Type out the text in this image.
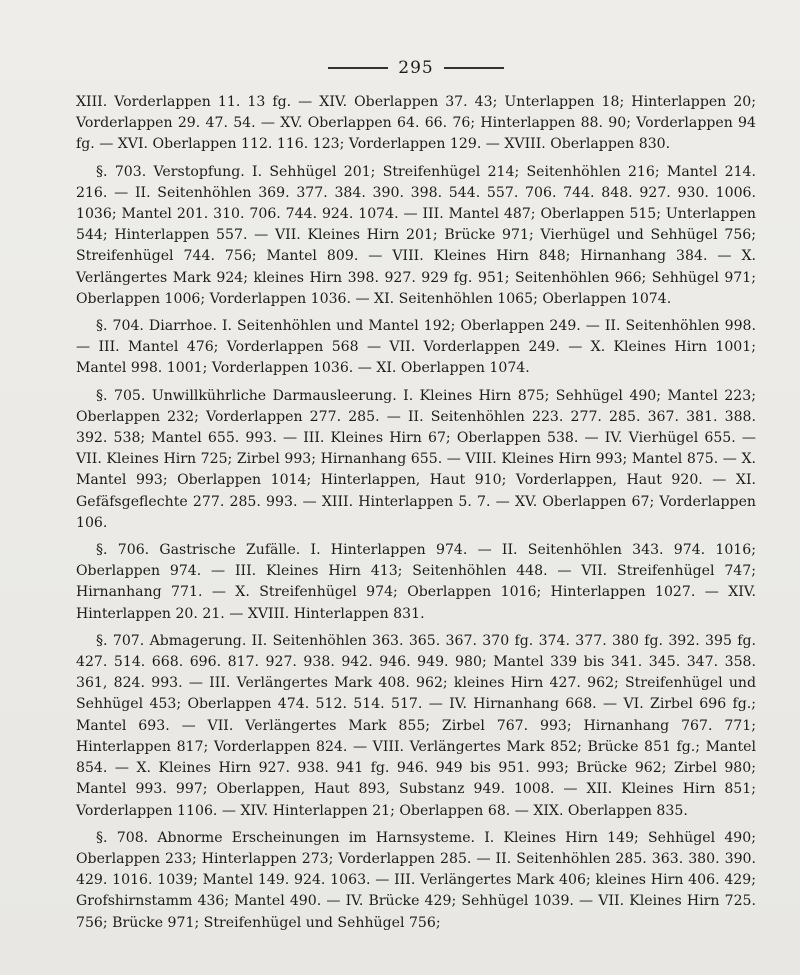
295

XIII. Vorderlappen 11. 13 fg. — XIV. Oberlappen 37. 43; Unterlappen 18; Hinterlappen 20; Vorderlappen 29. 47. 54. — XV. Oberlappen 64. 66. 76; Hinterlappen 88. 90; Vorderlappen 94 fg. — XVI. Oberlappen 112. 116. 123; Vorderlappen 129. — XVIII. Oberlappen 830.

§. 703. Verstopfung. I. Sehhügel 201; Streifenhügel 214; Seitenhöhlen 216; Mantel 214. 216. — II. Seitenhöhlen 369. 377. 384. 390. 398. 544. 557. 706. 744. 848. 927. 930. 1006. 1036; Mantel 201. 310. 706. 744. 924. 1074. — III. Mantel 487; Oberlappen 515; Unterlappen 544; Hinterlappen 557. — VII. Kleines Hirn 201; Brücke 971; Vierhügel und Sehhügel 756; Streifenhügel 744. 756; Mantel 809. — VIII. Kleines Hirn 848; Hirnanhang 384. — X. Verlängertes Mark 924; kleines Hirn 398. 927. 929 fg. 951; Seitenhöhlen 966; Sehhügel 971; Oberlappen 1006; Vorderlappen 1036. — XI. Seitenhöhlen 1065; Oberlappen 1074.

§. 704. Diarrhoe. I. Seitenhöhlen und Mantel 192; Oberlappen 249. — II. Seitenhöhlen 998. — III. Mantel 476; Vorderlappen 568 — VII. Vorderlappen 249. — X. Kleines Hirn 1001; Mantel 998. 1001; Vorderlappen 1036. — XI. Oberlappen 1074.

§. 705. Unwillkührliche Darmausleerung. I. Kleines Hirn 875; Sehhügel 490; Mantel 223; Oberlappen 232; Vorderlappen 277. 285. — II. Seitenhöhlen 223. 277. 285. 367. 381. 388. 392. 538; Mantel 655. 993. — III. Kleines Hirn 67; Oberlappen 538. — IV. Vierhügel 655. — VII. Kleines Hirn 725; Zirbel 993; Hirnanhang 655. — VIII. Kleines Hirn 993; Mantel 875. — X. Mantel 993; Oberlappen 1014; Hinterlappen, Haut 910; Vorderlappen, Haut 920. — XI. Gefäfsgeflechte 277. 285. 993. — XIII. Hinterlappen 5. 7. — XV. Oberlappen 67; Vorderlappen 106.

§. 706. Gastrische Zufälle. I. Hinterlappen 974. — II. Seitenhöhlen 343. 974. 1016; Oberlappen 974. — III. Kleines Hirn 413; Seitenhöhlen 448. — VII. Streifenhügel 747; Hirnanhang 771. — X. Streifenhügel 974; Oberlappen 1016; Hinterlappen 1027. — XIV. Hinterlappen 20. 21. — XVIII. Hinterlappen 831.

§. 707. Abmagerung. II. Seitenhöhlen 363. 365. 367. 370 fg. 374. 377. 380 fg. 392. 395 fg. 427. 514. 668. 696. 817. 927. 938. 942. 946. 949. 980; Mantel 339 bis 341. 345. 347. 358. 361, 824. 993. — III. Verlängertes Mark 408. 962; kleines Hirn 427. 962; Streifenhügel und Sehhügel 453; Oberlappen 474. 512. 514. 517. — IV. Hirnanhang 668. — VI. Zirbel 696 fg.; Mantel 693. — VII. Verlängertes Mark 855; Zirbel 767. 993; Hirnanhang 767. 771; Hinterlappen 817; Vorderlappen 824. — VIII. Verlängertes Mark 852; Brücke 851 fg.; Mantel 854. — X. Kleines Hirn 927. 938. 941 fg. 946. 949 bis 951. 993; Brücke 962; Zirbel 980; Mantel 993. 997; Oberlappen, Haut 893, Substanz 949. 1008. — XII. Kleines Hirn 851; Vorderlappen 1106. — XIV. Hinterlappen 21; Oberlappen 68. — XIX. Oberlappen 835.

§. 708. Abnorme Erscheinungen im Harnsysteme. I. Kleines Hirn 149; Sehhügel 490; Oberlappen 233; Hinterlappen 273; Vorderlappen 285. — II. Seitenhöhlen 285. 363. 380. 390. 429. 1016. 1039; Mantel 149. 924. 1063. — III. Verlängertes Mark 406; kleines Hirn 406. 429; Grofshirnstamm 436; Mantel 490. — IV. Brücke 429; Sehhügel 1039. — VII. Kleines Hirn 725. 756; Brücke 971; Streifenhügel und Sehhügel 756;
